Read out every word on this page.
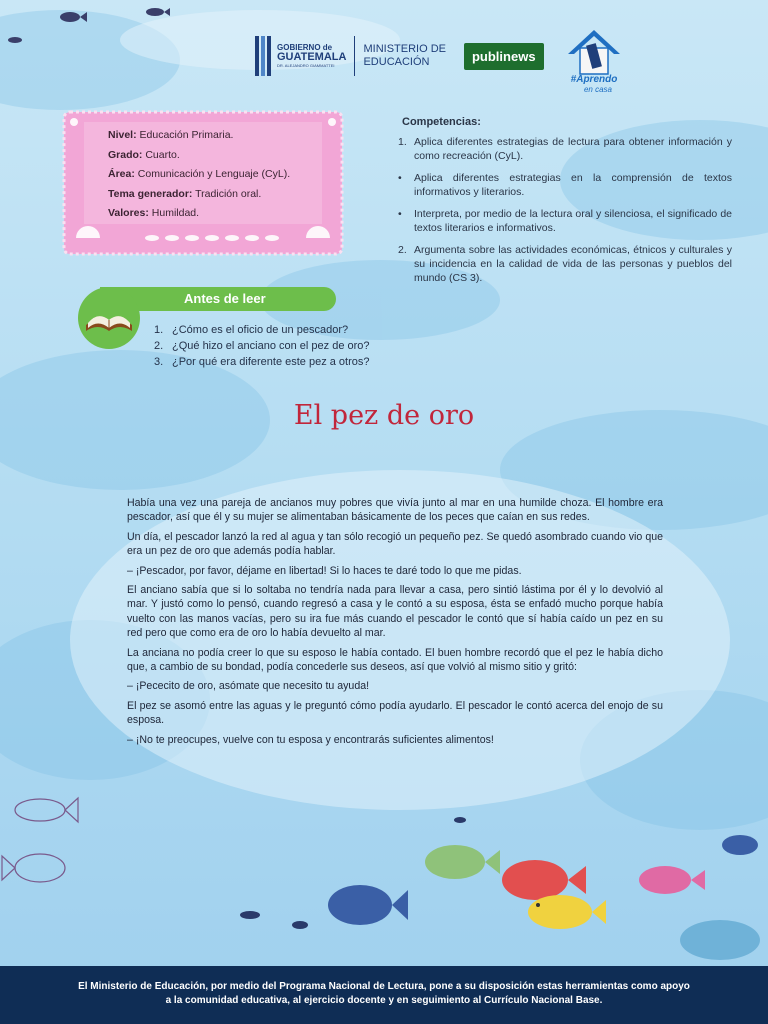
GOBIERNO de
GUATEMALA
DR. ALEJANDRO GIAMMATTEI
MINISTERIO DE
EDUCACIÓN	publinews
#Aprendo
en casa
Nivel: Educación Primaria.
Grado: Cuarto.
Área: Comunicación y Lenguaje (CyL).
Tema generador: Tradición oral.
Valores: Humildad.
Competencias:
1. Aplica diferentes estrategias de lectura para obtener información y como recreación (CyL).
•	Aplica diferentes estrategias en la comprensión de textos informativos y literarios.
•	Interpreta, por medio de la lectura oral y silenciosa, el significado de textos literarios e informativos.
2. Argumenta sobre las actividades económicas, étnicos y culturales y su incidencia en la calidad de vida de las personas y pueblos del mundo (CS 3).
Antes de leer
1. ¿Cómo es el oficio de un pescador?
2. ¿Qué hizo el anciano con el pez de oro?
3. ¿Por qué era diferente este pez a otros?
El pez de oro

Había una vez una pareja de ancianos muy pobres que vivía junto al mar en una humilde choza. El hombre era pescador, así que él y su mujer se alimentaban básicamente de los peces que caían en sus redes.

Un día, el pescador lanzó la red al agua y tan sólo recogió un pequeño pez. Se quedó asombrado cuando vio que era un pez de oro que además podía hablar.

– ¡Pescador, por favor, déjame en libertad! Si lo haces te daré todo lo que me pidas.

El anciano sabía que si lo soltaba no tendría nada para llevar a casa, pero sintió lástima por él y lo devolvió al mar. Y justó como lo pensó, cuando regresó a casa y le contó a su esposa, ésta se enfadó mucho porque había vuelto con las manos vacías, pero su ira fue más cuando el pescador le contó que sí había caído un pez en su red pero que como era de oro lo había devuelto al mar.

La anciana no podía creer lo que su esposo le había contado. El buen hombre recordó que el pez le había dicho que, a cambio de su bondad, podía concederle sus deseos, así que volvió al mismo sitio y gritó:

– ¡Pececito de oro, asómate que necesito tu ayuda!

El pez se asomó entre las aguas y le preguntó cómo podía ayudarlo. El pescador le contó acerca del enojo de su esposa.

– ¡No te preocupes, vuelve con tu esposa y encontrarás suficientes alimentos!

El Ministerio de Educación, por medio del Programa Nacional de Lectura, pone a su disposición estas herramientas como apoyo
a la comunidad educativa, al ejercicio docente y en seguimiento al Currículo Nacional Base.
